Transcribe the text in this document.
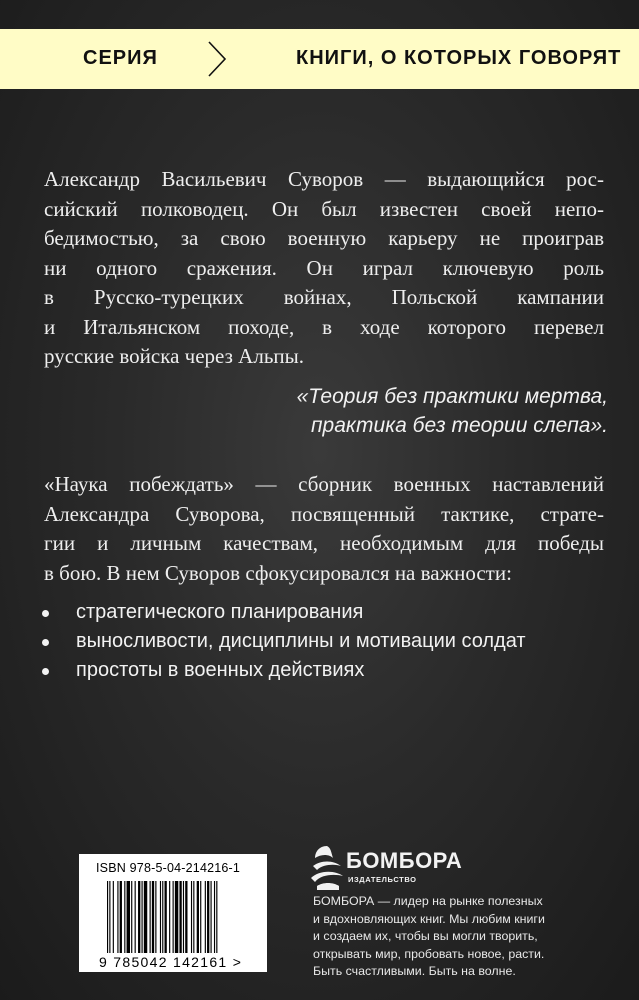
СЕРИЯ	КНИГИ, О КОТОРЫХ ГОВОРЯТ
Александр Васильевич Суворов — выдающийся рос-
сийский полководец. Он был известен своей непо-
бедимостью, за свою военную карьеру не проиграв
ни одного сражения. Он играл ключевую роль
в Русско-турецких войнах, Польской кампании
и Итальянском походе, в ходе которого перевел
русские войска через Альпы.
«Теория без практики мертва,
практика без теории слепа».
«Наука побеждать» — сборник военных наставлений
Александра Суворова, посвященный тактике, страте-
гии и личным качествам, необходимым для победы
в бою. В нем Суворов сфокусировался на важности:
стратегического планирования
выносливости, дисциплины и мотивации солдат
простоты в военных действиях
ISBN 978-5-04-214216-1
9 785042 142161 >
БОМБОРА
ИЗДАТЕЛЬСТВО
БОМБОРА — лидер на рынке полезных
и вдохновляющих книг. Мы любим книги
и создаем их, чтобы вы могли творить,
открывать мир, пробовать новое, расти.
Быть счастливыми. Быть на волне.
